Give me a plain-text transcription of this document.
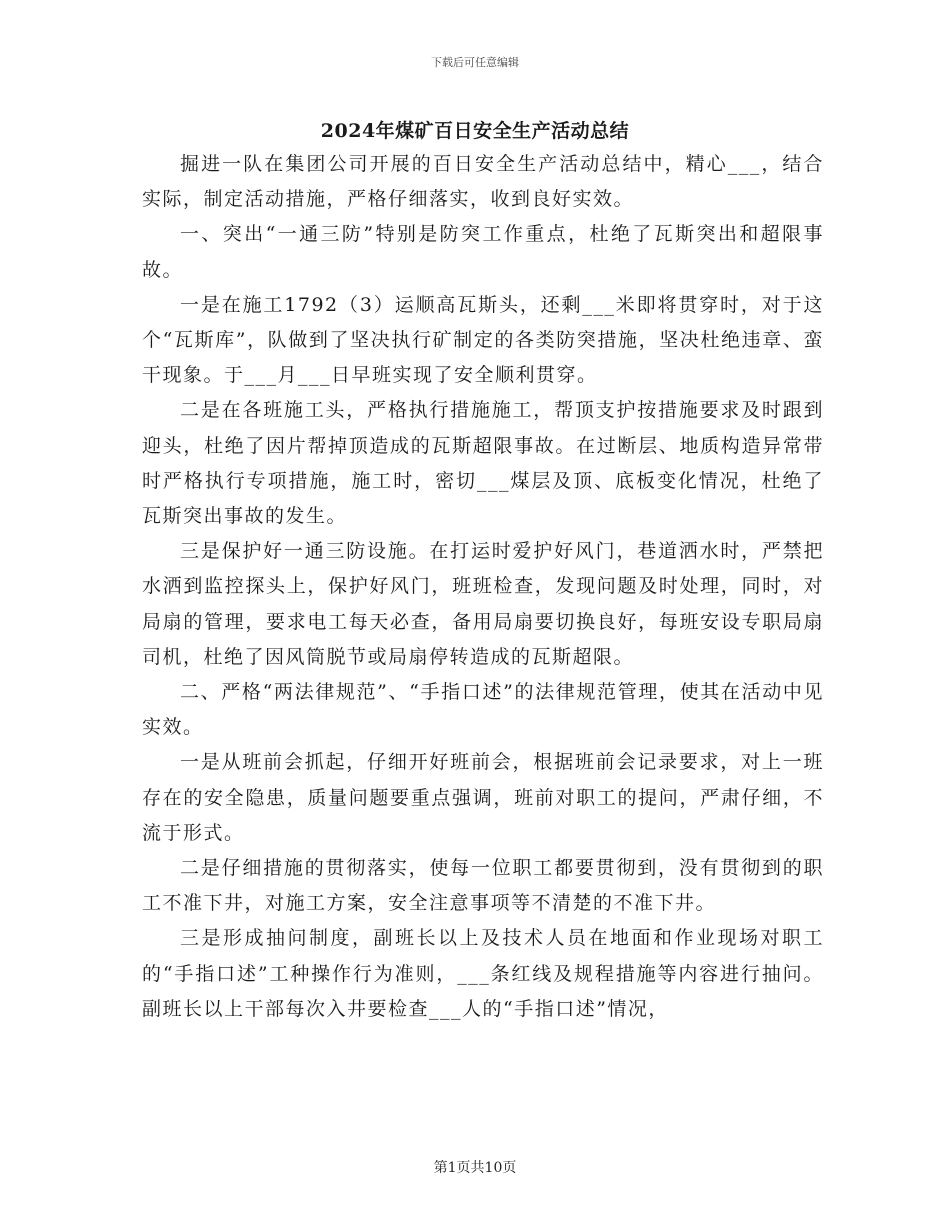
下载后可任意编辑
2024年煤矿百日安全生产活动总结

掘进一队在集团公司开展的百日安全生产活动总结中，精心___，结合实际，制定活动措施，严格仔细落实，收到良好实效。

一、突出“一通三防”特别是防突工作重点，杜绝了瓦斯突出和超限事故。

一是在施工1792（3）运顺高瓦斯头，还剩___米即将贯穿时，对于这个“瓦斯库”，队做到了坚决执行矿制定的各类防突措施，坚决杜绝违章、蛮干现象。于___月___日早班实现了安全顺利贯穿。

二是在各班施工头，严格执行措施施工，帮顶支护按措施要求及时跟到迎头，杜绝了因片帮掉顶造成的瓦斯超限事故。在过断层、地质构造异常带时严格执行专项措施，施工时，密切___煤层及顶、底板变化情况，杜绝了瓦斯突出事故的发生。

三是保护好一通三防设施。在打运时爱护好风门，巷道洒水时，严禁把水洒到监控探头上，保护好风门，班班检查，发现问题及时处理，同时，对局扇的管理，要求电工每天必查，备用局扇要切换良好，每班安设专职局扇司机，杜绝了因风筒脱节或局扇停转造成的瓦斯超限。

二、严格“两法律规范”、“手指口述”的法律规范管理，使其在活动中见实效。

一是从班前会抓起，仔细开好班前会，根据班前会记录要求，对上一班存在的安全隐患，质量问题要重点强调，班前对职工的提问，严肃仔细，不流于形式。

二是仔细措施的贯彻落实，使每一位职工都要贯彻到，没有贯彻到的职工不准下井，对施工方案，安全注意事项等不清楚的不准下井。

三是形成抽问制度，副班长以上及技术人员在地面和作业现场对职工的“手指口述”工种操作行为准则，___条红线及规程措施等内容进行抽问。副班长以上干部每次入井要检查___人的“手指口述”情况，

第1页共10页
